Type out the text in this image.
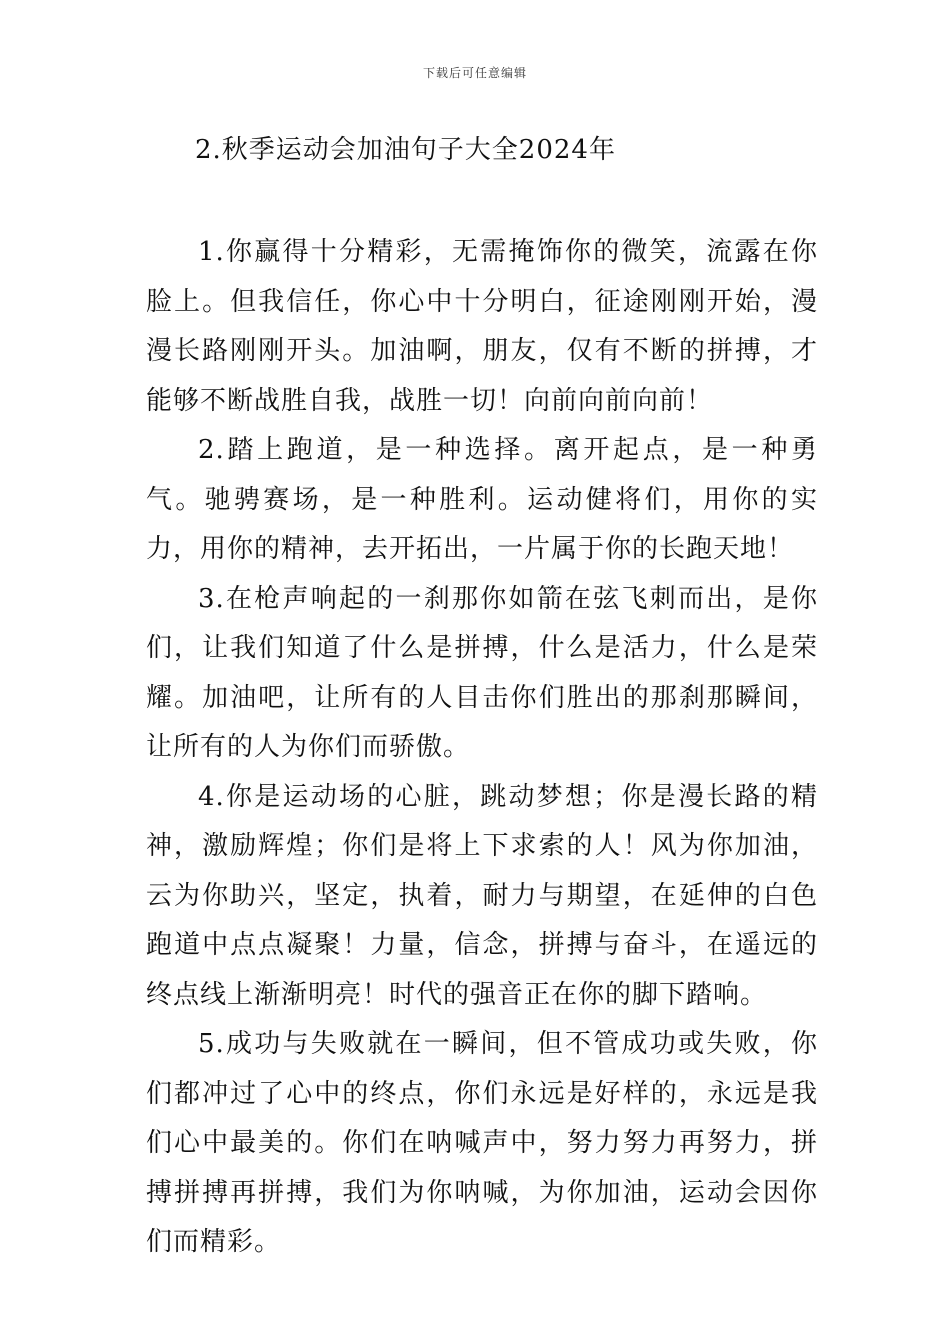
下载后可任意编辑
2.秋季运动会加油句子大全2024年

1.你赢得十分精彩，无需掩饰你的微笑，流露在你脸上。但我信任，你心中十分明白，征途刚刚开始，漫漫长路刚刚开头。加油啊，朋友，仅有不断的拼搏，才能够不断战胜自我，战胜一切！向前向前向前！

2.踏上跑道，是一种选择。离开起点，是一种勇气。驰骋赛场，是一种胜利。运动健将们，用你的实力，用你的精神，去开拓出，一片属于你的长跑天地！

3.在枪声响起的一刹那你如箭在弦飞刺而出，是你们，让我们知道了什么是拼搏，什么是活力，什么是荣耀。加油吧，让所有的人目击你们胜出的那刹那瞬间，让所有的人为你们而骄傲。

4.你是运动场的心脏，跳动梦想；你是漫长路的精神，激励辉煌；你们是将上下求索的人！风为你加油，云为你助兴，坚定，执着，耐力与期望，在延伸的白色跑道中点点凝聚！力量，信念，拼搏与奋斗，在遥远的终点线上渐渐明亮！时代的强音正在你的脚下踏响。

5.成功与失败就在一瞬间，但不管成功或失败，你们都冲过了心中的终点，你们永远是好样的，永远是我们心中最美的。你们在呐喊声中，努力努力再努力，拼搏拼搏再拼搏，我们为你呐喊，为你加油，运动会因你们而精彩。
